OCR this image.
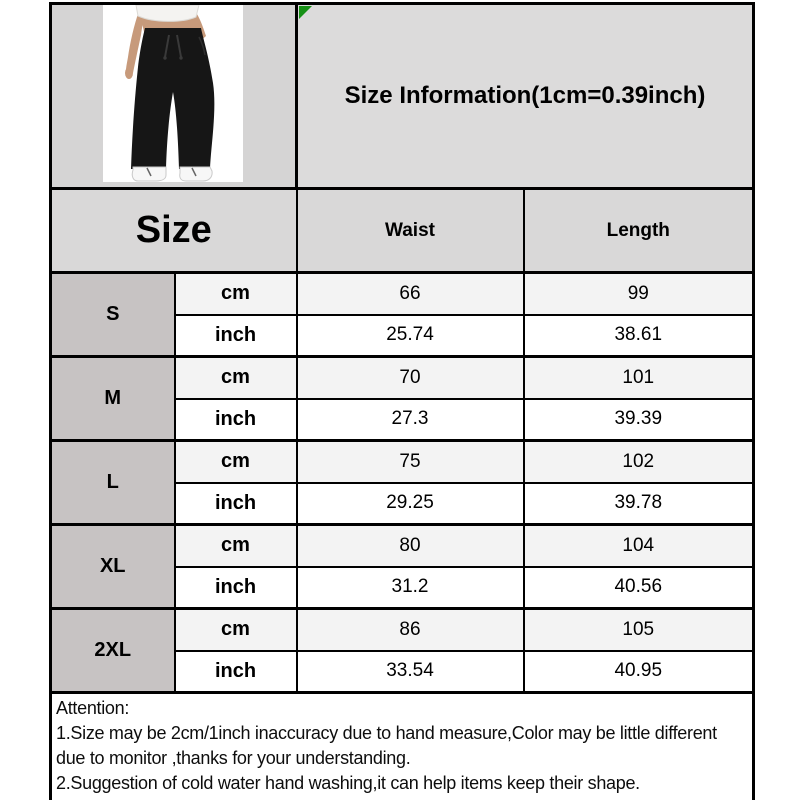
Size Information(1cm=0.39inch)	
Size		Waist	Length
S	cm	66	99
	inch	25.74	38.61
M	cm	70	101
	inch	27.3	39.39
L	cm	75	102
	inch	29.25	39.78
XL	cm	80	104
	inch	31.2	40.56
2XL	cm	86	105
	inch	33.54	40.95

Attention:
1.Size may be 2cm/1inch inaccuracy due to hand measure,Color may be little different due to monitor ,thanks for your understanding.
2.Suggestion of cold water hand washing,it can help items keep their shape.			
